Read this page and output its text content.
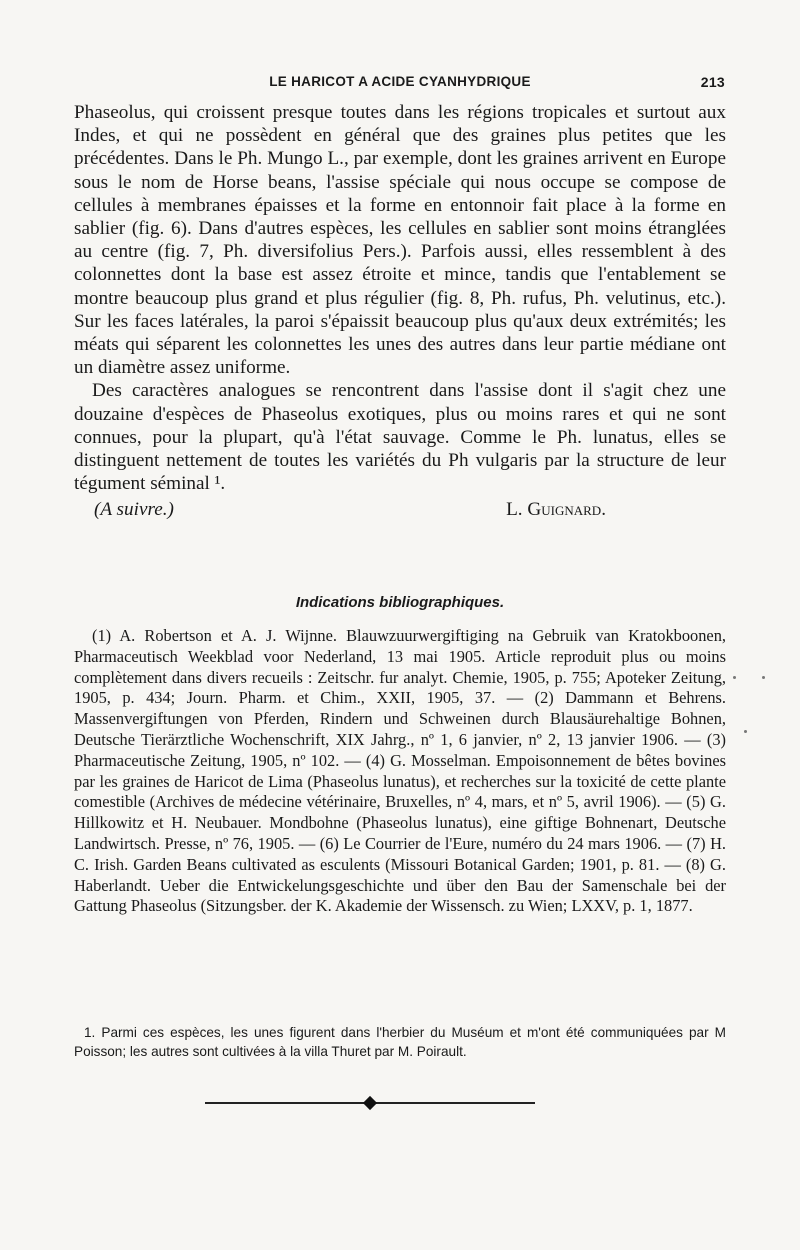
LE HARICOT A ACIDE CYANHYDRIQUE	213

Phaseolus, qui croissent presque toutes dans les régions tropicales et surtout aux Indes, et qui ne possèdent en général que des graines plus petites que les précédentes. Dans le Ph. Mungo L., par exemple, dont les graines arrivent en Europe sous le nom de Horse beans, l'assise spéciale qui nous occupe se compose de cellules à membranes épaisses et la forme en entonnoir fait place à la forme en sablier (fig. 6). Dans d'autres espèces, les cellules en sablier sont moins étranglées au centre (fig. 7, Ph. diversifolius Pers.). Parfois aussi, elles ressemblent à des colonnettes dont la base est assez étroite et mince, tandis que l'entablement se montre beaucoup plus grand et plus régulier (fig. 8, Ph. rufus, Ph. velutinus, etc.). Sur les faces latérales, la paroi s'épaissit beaucoup plus qu'aux deux extrémités; les méats qui séparent les colonnettes les unes des autres dans leur partie médiane ont un diamètre assez uniforme.

Des caractères analogues se rencontrent dans l'assise dont il s'agit chez une douzaine d'espèces de Phaseolus exotiques, plus ou moins rares et qui ne sont connues, pour la plupart, qu'à l'état sauvage. Comme le Ph. lunatus, elles se distinguent nettement de toutes les variétés du Ph vulgaris par la structure de leur tégument séminal ¹.

(A suivre.)	L. Guignard.
Indications bibliographiques.

(1) A. Robertson et A. J. Wijnne. Blauwzuurwergiftiging na Gebruik van Kratokboonen, Pharmaceutisch Weekblad voor Nederland, 13 mai 1905. Article reproduit plus ou moins complètement dans divers recueils : Zeitschr. fur analyt. Chemie, 1905, p. 755; Apoteker Zeitung, 1905, p. 434; Journ. Pharm. et Chim., XXII, 1905, 37. — (2) Dammann et Behrens. Massenvergiftungen von Pferden, Rindern und Schweinen durch Blausäurehaltige Bohnen, Deutsche Tierärztliche Wochenschrift, XIX Jahrg., nº 1, 6 janvier, nº 2, 13 janvier 1906. — (3) Pharmaceutische Zeitung, 1905, nº 102. — (4) G. Mosselman. Empoisonnement de bêtes bovines par les graines de Haricot de Lima (Phaseolus lunatus), et recherches sur la toxicité de cette plante comestible (Archives de médecine vétérinaire, Bruxelles, nº 4, mars, et nº 5, avril 1906). — (5) G. Hillkowitz et H. Neubauer. Mondbohne (Phaseolus lunatus), eine giftige Bohnenart, Deutsche Landwirtsch. Presse, nº 76, 1905. — (6) Le Courrier de l'Eure, numéro du 24 mars 1906. — (7) H. C. Irish. Garden Beans cultivated as esculents (Missouri Botanical Garden; 1901, p. 81. — (8) G. Haberlandt. Ueber die Entwickelungsgeschichte und über den Bau der Samenschale bei der Gattung Phaseolus (Sitzungsber. der K. Akademie der Wissensch. zu Wien; LXXV, p. 1, 1877.

1. Parmi ces espèces, les unes figurent dans l'herbier du Muséum et m'ont été communiquées par M Poisson; les autres sont cultivées à la villa Thuret par M. Poirault.
